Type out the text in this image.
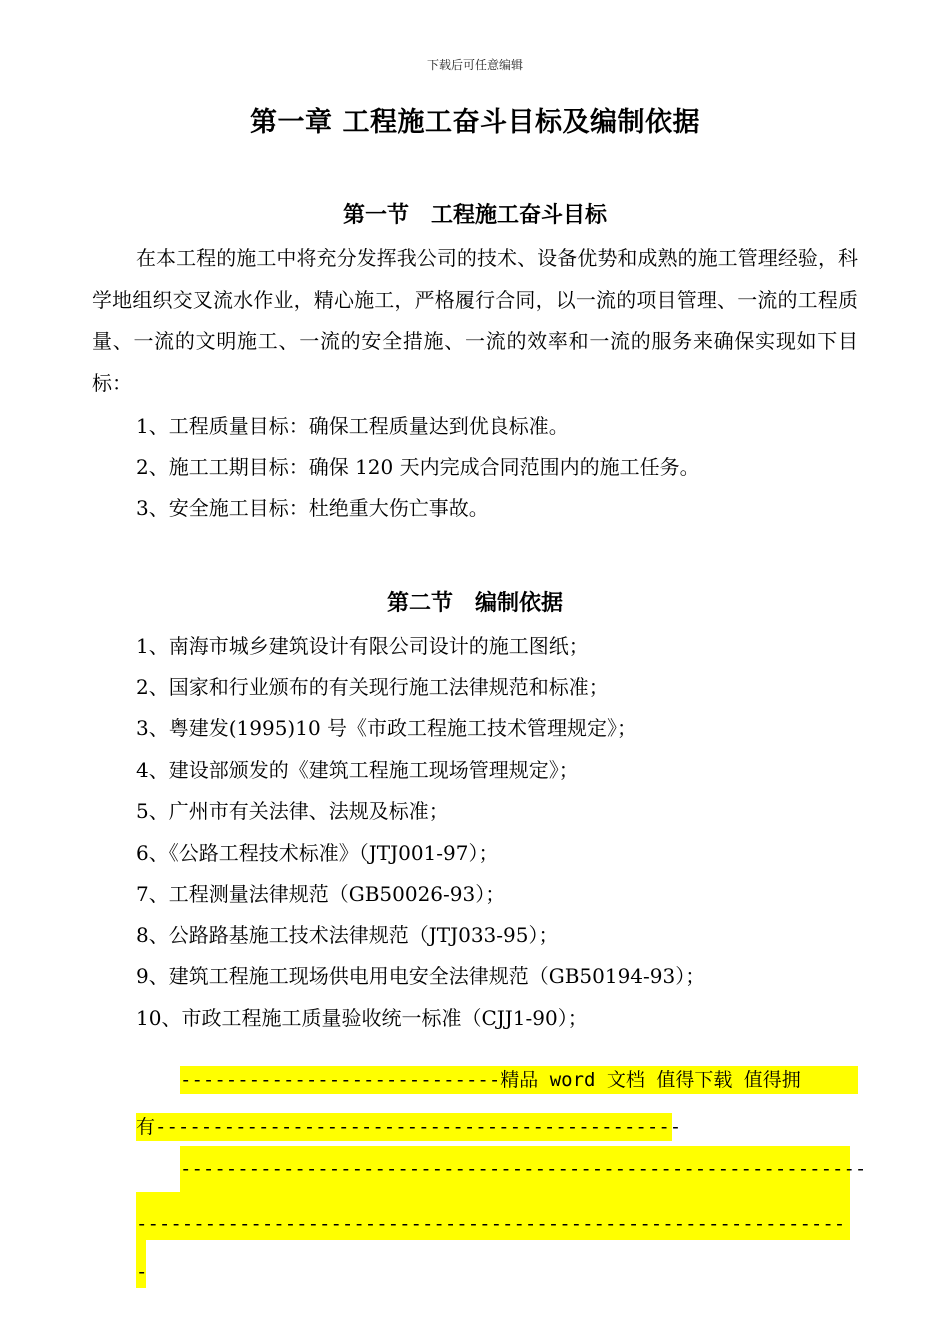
下载后可任意编辑
第一章 工程施工奋斗目标及编制依据
第一节　工程施工奋斗目标
在本工程的施工中将充分发挥我公司的技术、设备优势和成熟的施工管理经验，科学地组织交叉流水作业，精心施工，严格履行合同，以一流的项目管理、一流的工程质量、一流的文明施工、一流的安全措施、一流的效率和一流的服务来确保实现如下目标：
1、工程质量目标：确保工程质量达到优良标准。
2、施工工期目标：确保 120 天内完成合同范围内的施工任务。
3、安全施工目标：杜绝重大伤亡事故。
第二节　编制依据
1、南海市城乡建筑设计有限公司设计的施工图纸；
2、国家和行业颁布的有关现行施工法律规范和标准；
3、粤建发(1995)10 号《市政工程施工技术管理规定》；
4、建设部颁发的《建筑工程施工现场管理规定》；
5、广州市有关法律、法规及标准；
6、《公路工程技术标准》（JTJ001-97）；
7、工程测量法律规范（GB50026-93）；
8、公路路基施工技术法律规范（JTJ033-95）；
9、建筑工程施工现场供电用电安全法律规范（GB50194-93）；
10、市政工程施工质量验收统一标准（CJJ1-90）；
----------------------------精品 word 文档 值得下载 值得拥
有----------------------------------------------
------------------------------------------------------------
--------------------------------------------------------------
-
